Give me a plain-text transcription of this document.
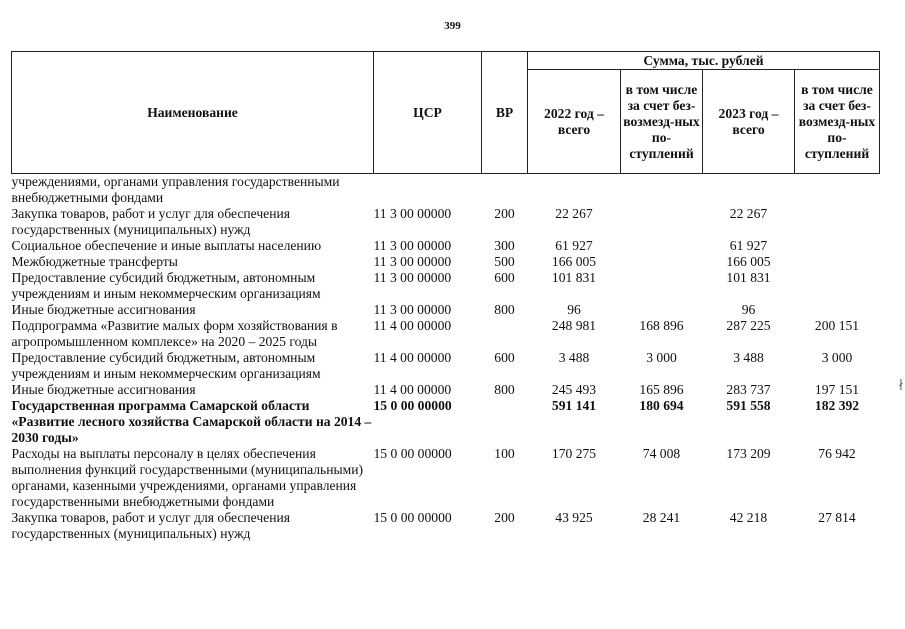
399
Наименование	ЦСР	ВР	Сумма, тыс. рублей			
			2022 год – всего	в том числе за счет без-возмезд-ных по-ступлений	2023 год – всего	в том числе за счет без-возмезд-ных по-ступлений
учреждениями, органами управления государственными внебюджетными фондами						
Закупка товаров, работ и услуг для обеспечения государственных (муниципальных) нужд	11 3 00 00000	200	22 267		22 267	
Социальное обеспечение и иные выплаты населению	11 3 00 00000	300	61 927		61 927	
Межбюджетные трансферты	11 3 00 00000	500	166 005		166 005	
Предоставление субсидий бюджетным, автономным учреждениям и иным некоммерческим организациям	11 3 00 00000	600	101 831		101 831	
Иные бюджетные ассигнования	11 3 00 00000	800	96		96	
Подпрограмма «Развитие малых форм хозяйствования в агропромышленном комплексе» на 2020 – 2025 годы	11 4 00 00000		248 981	168 896	287 225	200 151
Предоставление субсидий бюджетным, автономным учреждениям и иным некоммерческим организациям	11 4 00 00000	600	3 488	3 000	3 488	3 000
Иные бюджетные ассигнования	11 4 00 00000	800	245 493	165 896	283 737	197 151
Государственная программа Самарской области «Развитие лесного хозяйства Самарской области на 2014 – 2030 годы»	15 0 00 00000		591 141	180 694	591 558	182 392
Расходы на выплаты персоналу в целях обеспечения выполнения функций государственными (муниципальными) органами, казенными учреждениями, органами управления государственными внебюджетными фондами	15 0 00 00000	100	170 275	74 008	173 209	76 942
Закупка товаров, работ и услуг для обеспечения государственных (муниципальных) нужд	15 0 00 00000	200	43 925	28 241	42 218	27 814
∤
